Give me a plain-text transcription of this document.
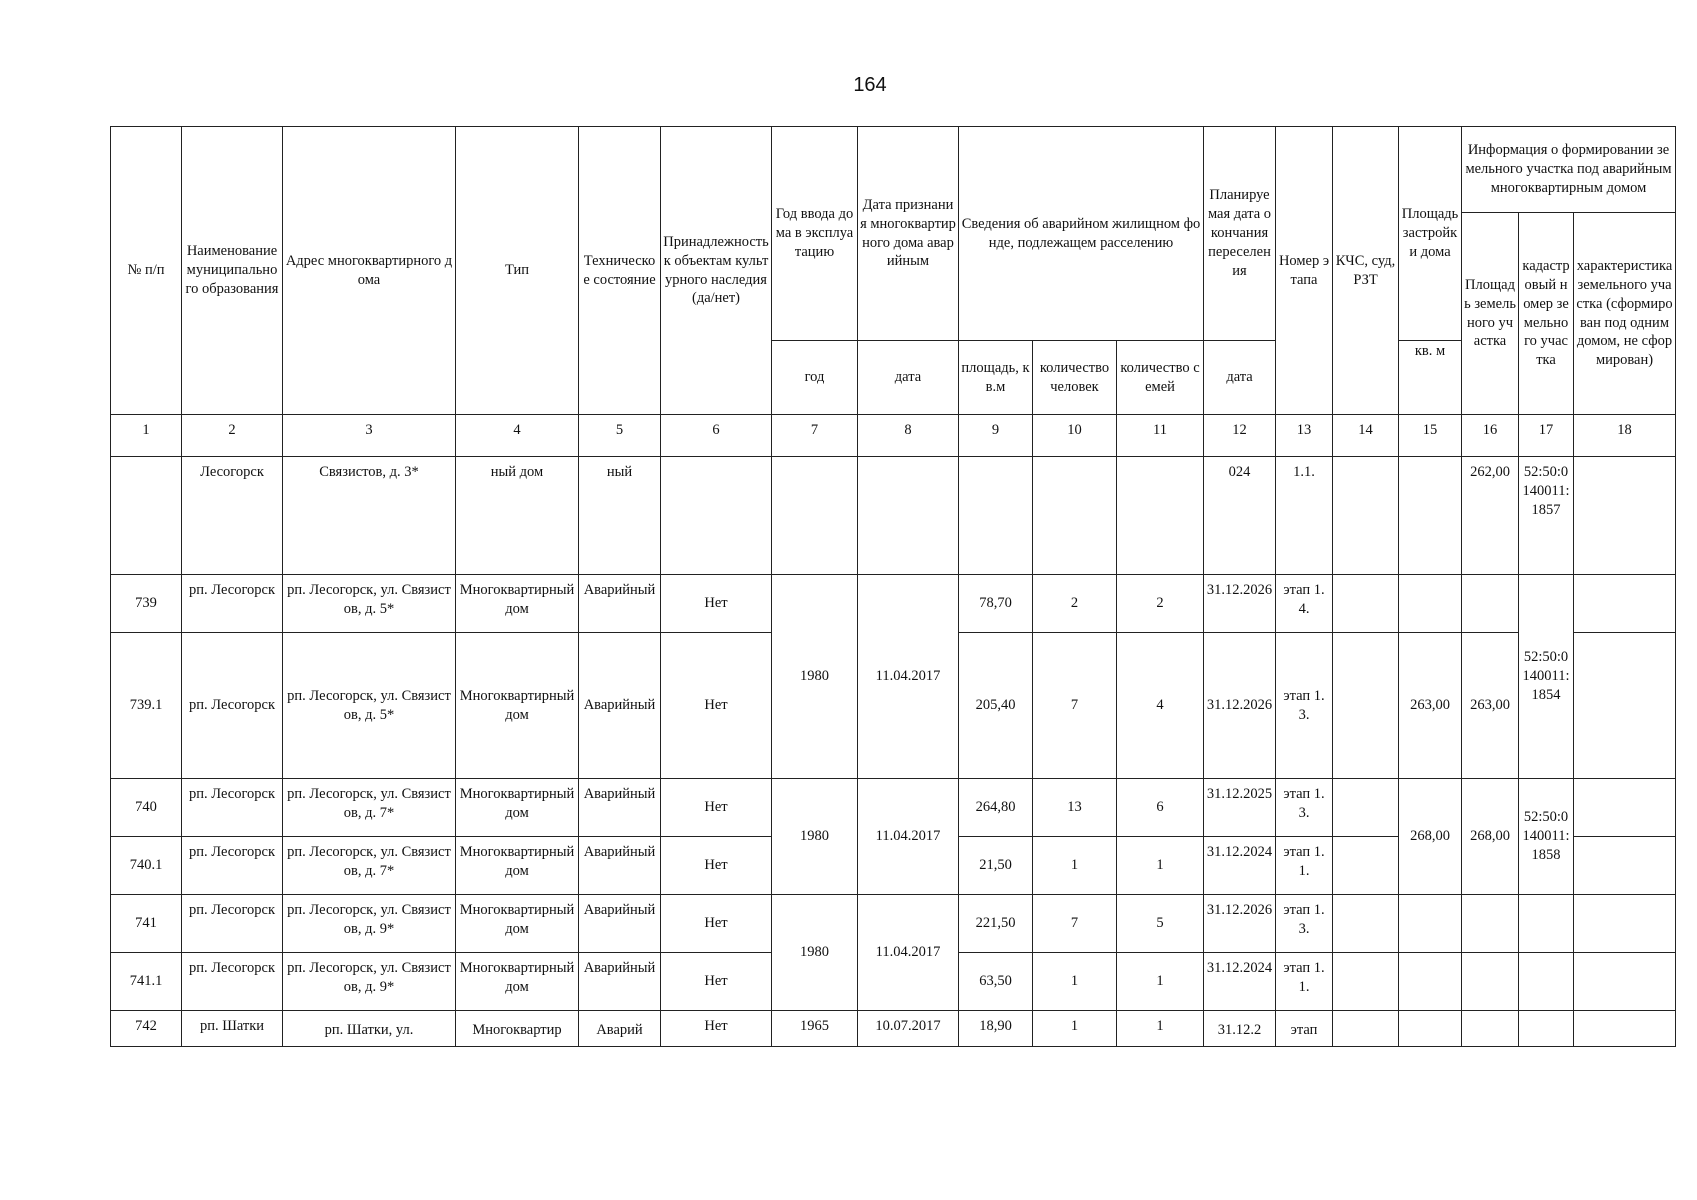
164
№ п/п	Наименование муниципального образования	Адрес многоквартирного дома	Тип	Техническое состояние	Принадлежность к объектам культурного наследия (да/нет)	Год ввода дома в эксплуатацию	Дата признания многоквартирного дома аварийным	Сведения об аварийном жилищном фонде, подлежащем расселению			Планируемая дата окончания переселения	Номер этапа	КЧС, суд, РЗТ	Площадь застройки дома	Информация о формировании земельного участка под аварийным многоквартирным домом		
															Площадь земельного участка	кадастровый номер земельного участка	характеристика земельного участка (сформирован под одним домом, не сформирован)
						год	дата	площадь, кв.м	количество человек	количество семей	дата			кв. м			
1	2	3	4	5	6	7	8	9	10	11	12	13	14	15	16	17	18
	Лесогорск	Связистов, д. 3*	ный дом	ный							024	1.1.			262,00	52:50:0140011:1857	
739	рп. Лесогорск	рп. Лесогорск, ул. Связистов, д. 5*	Многоквартирный дом	Аварийный	Нет	1980	11.04.2017	78,70	2	2	31.12.2026	этап 1.4.				52:50:0140011:1854	
739.1	рп. Лесогорск	рп. Лесогорск, ул. Связистов, д. 5*	Многоквартирный дом	Аварийный	Нет			205,40	7	4	31.12.2026	этап 1.3.		263,00	263,00		
740	рп. Лесогорск	рп. Лесогорск, ул. Связистов, д. 7*	Многоквартирный дом	Аварийный	Нет	1980	11.04.2017	264,80	13	6	31.12.2025	этап 1.3.		268,00	268,00	52:50:0140011:1858	
740.1	рп. Лесогорск	рп. Лесогорск, ул. Связистов, д. 7*	Многоквартирный дом	Аварийный	Нет			21,50	1	1	31.12.2024	этап 1.1.					
741	рп. Лесогорск	рп. Лесогорск, ул. Связистов, д. 9*	Многоквартирный дом	Аварийный	Нет	1980	11.04.2017	221,50	7	5	31.12.2026	этап 1.3.					
741.1	рп. Лесогорск	рп. Лесогорск, ул. Связистов, д. 9*	Многоквартирный дом	Аварийный	Нет			63,50	1	1	31.12.2024	этап 1.1.					
742	рп. Шатки	рп. Шатки, ул.	Многоквартир	Аварий	Нет	1965	10.07.2017	18,90	1	1	31.12.2	этап					
